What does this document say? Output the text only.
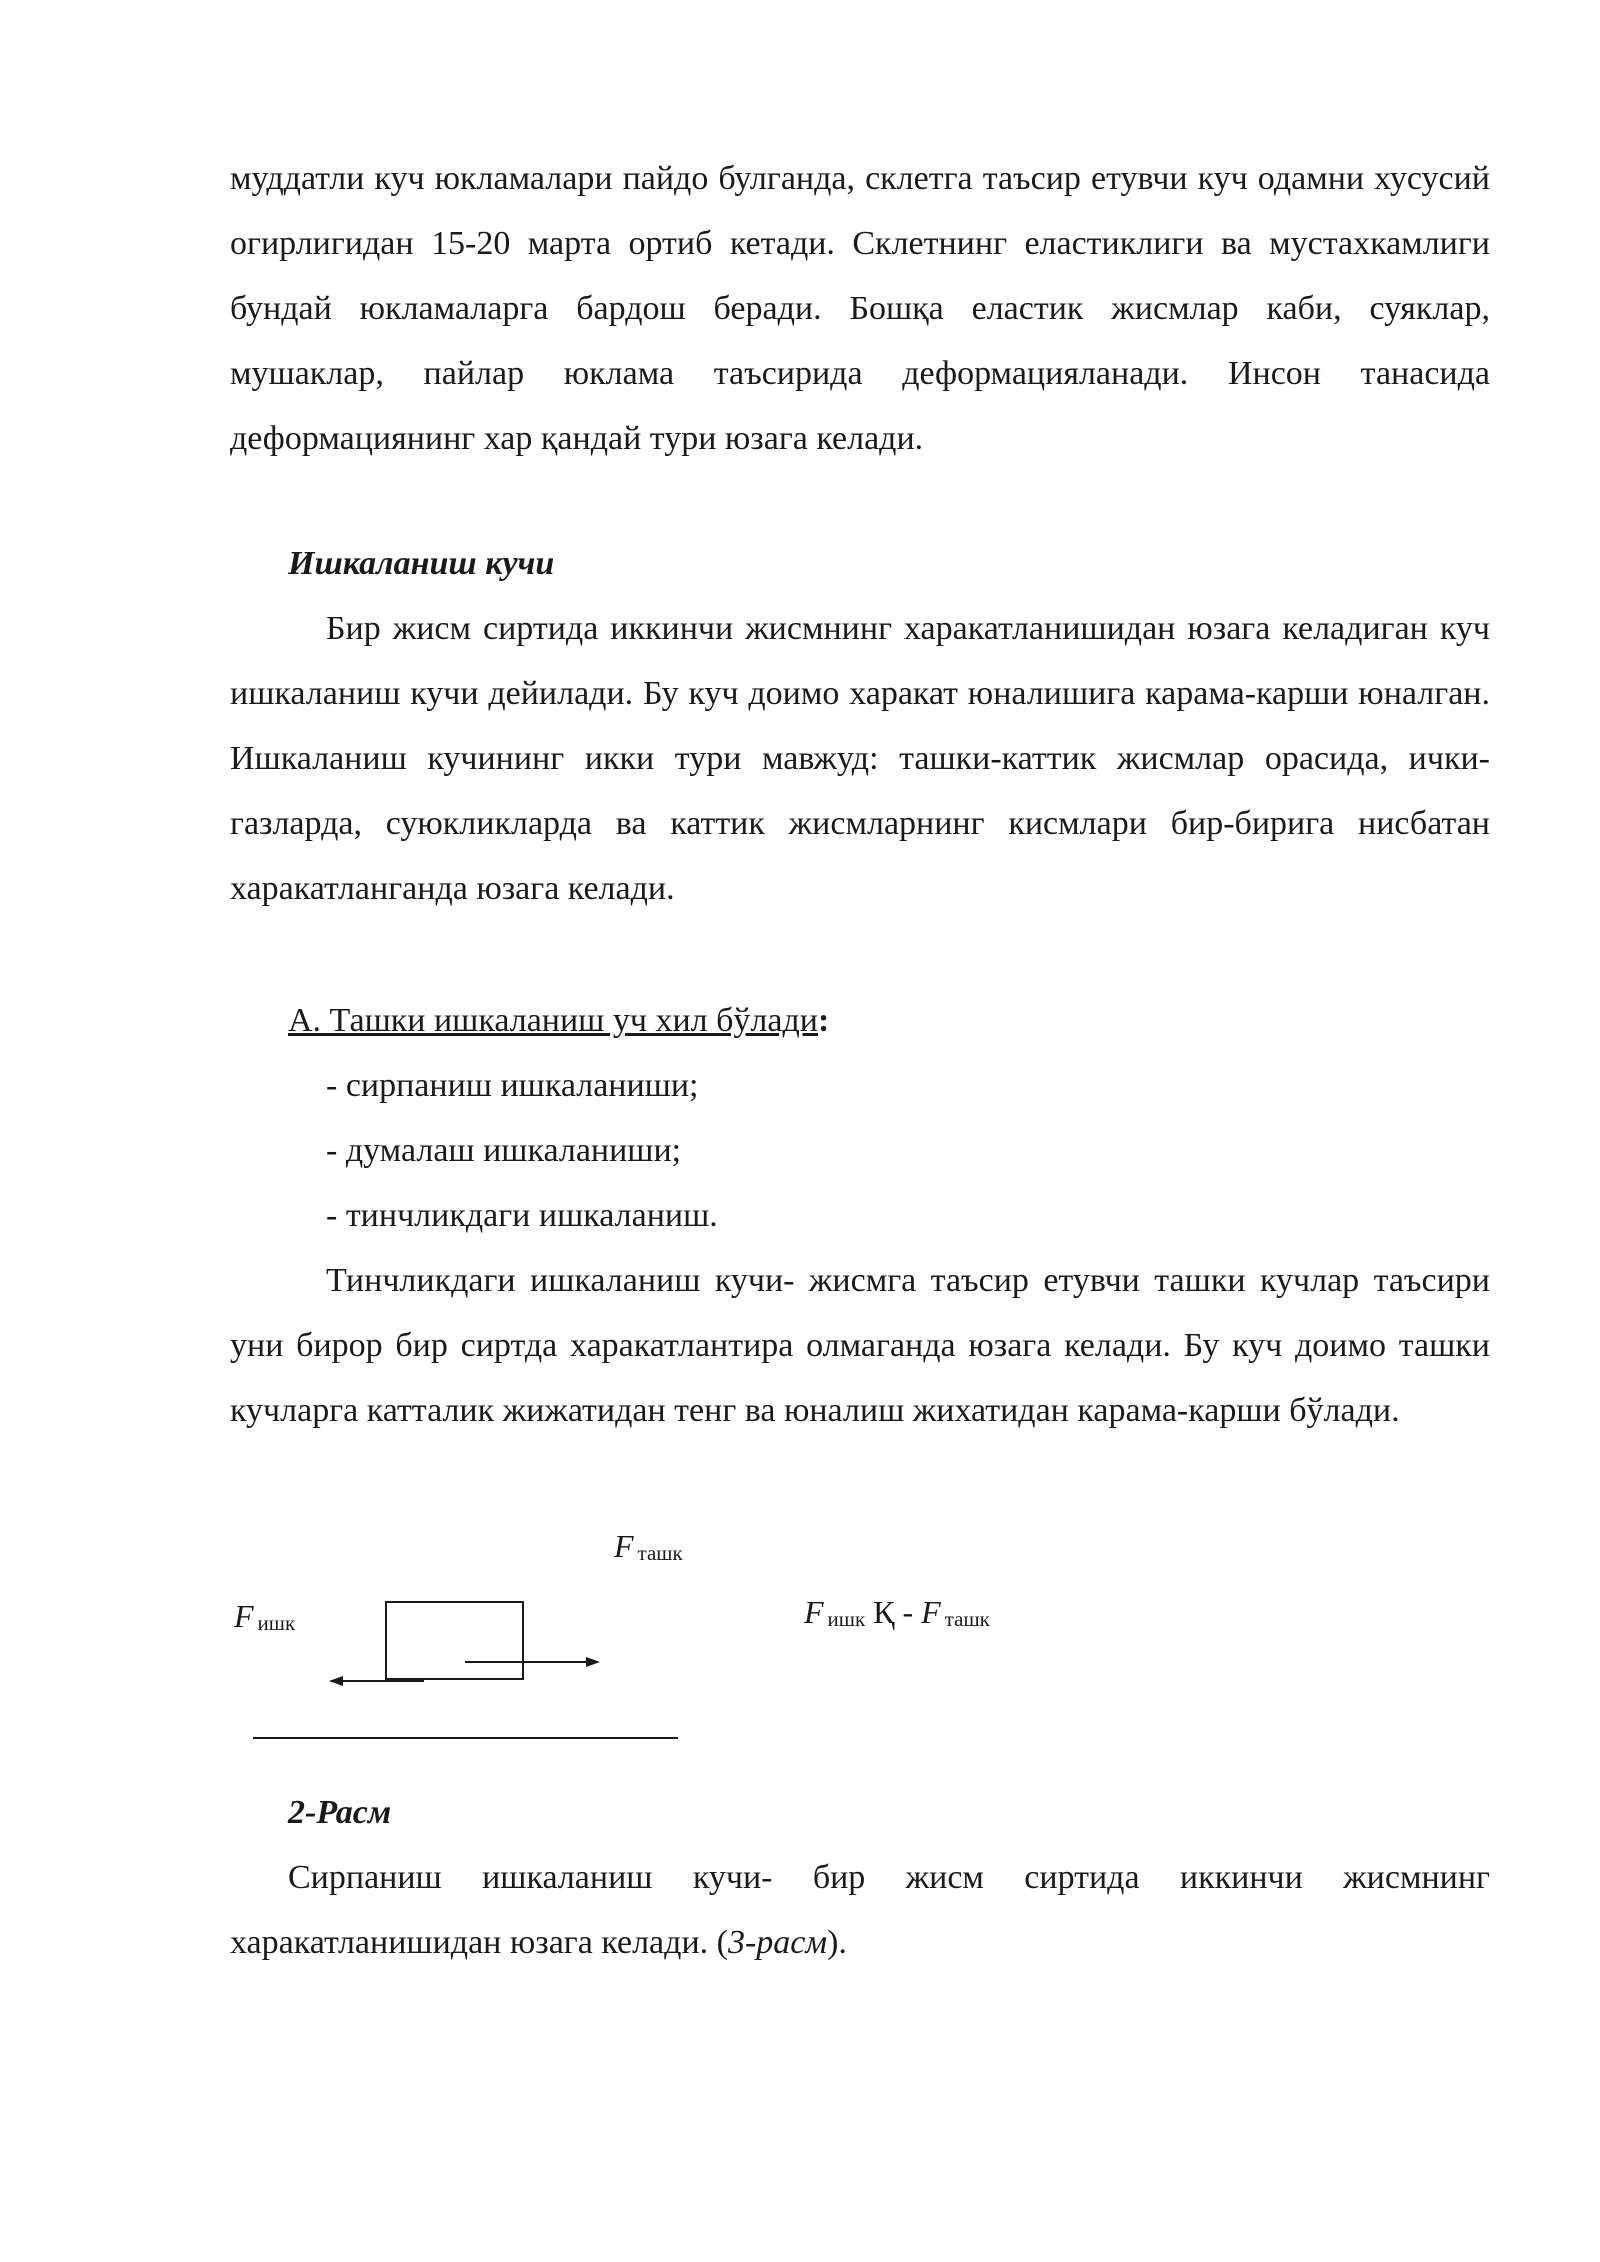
муддатли куч юкламалари пайдо булганда, склетга таъсир етувчи куч одамни хусусий огирлигидан 15-20 марта ортиб кетади. Склетнинг еластиклиги ва мустахкамлиги бундай юкламаларга бардош беради. Бошқа еластик жисмлар каби, суяклар, мушаклар, пайлар юклама таъсирида деформацияланади. Инсон танасида деформациянинг хар қандай тури юзага келади.

Ишкаланиш кучи

Бир жисм сиртида иккинчи жисмнинг харакатланишидан юзага келадиган куч ишкаланиш кучи дейилади. Бу куч доимо харакат юналишига карама-карши юналган. Ишкаланиш кучининг икки тури мавжуд: ташки-каттик жисмлар орасида, ички-газларда, суюкликларда ва каттик жисмларнинг кисмлари бир-бирига нисбатан харакатланганда юзага келади.

А. Ташки ишкаланиш уч хил бўлади:
- сирпаниш ишкаланиши;
- думалаш ишкаланиши;
- тинчликдаги ишкаланиш.

Тинчликдаги ишкаланиш кучи- жисмга таъсир етувчи ташки кучлар таъсири уни бирор бир сиртда харакатлантира олмаганда юзага келади. Бу куч доимо ташки кучларга катталик жижатидан тенг ва юналиш жихатидан карама-карши бўлади.

F $_{ташк}$
F $_{ишк}$	F $_{ишк}$ Қ - F $_{ташк}$
2-Расм

Сирпаниш ишкаланиш кучи- бир жисм сиртида иккинчи жисмнинг харакатланишидан юзага келади. (3-расм).
